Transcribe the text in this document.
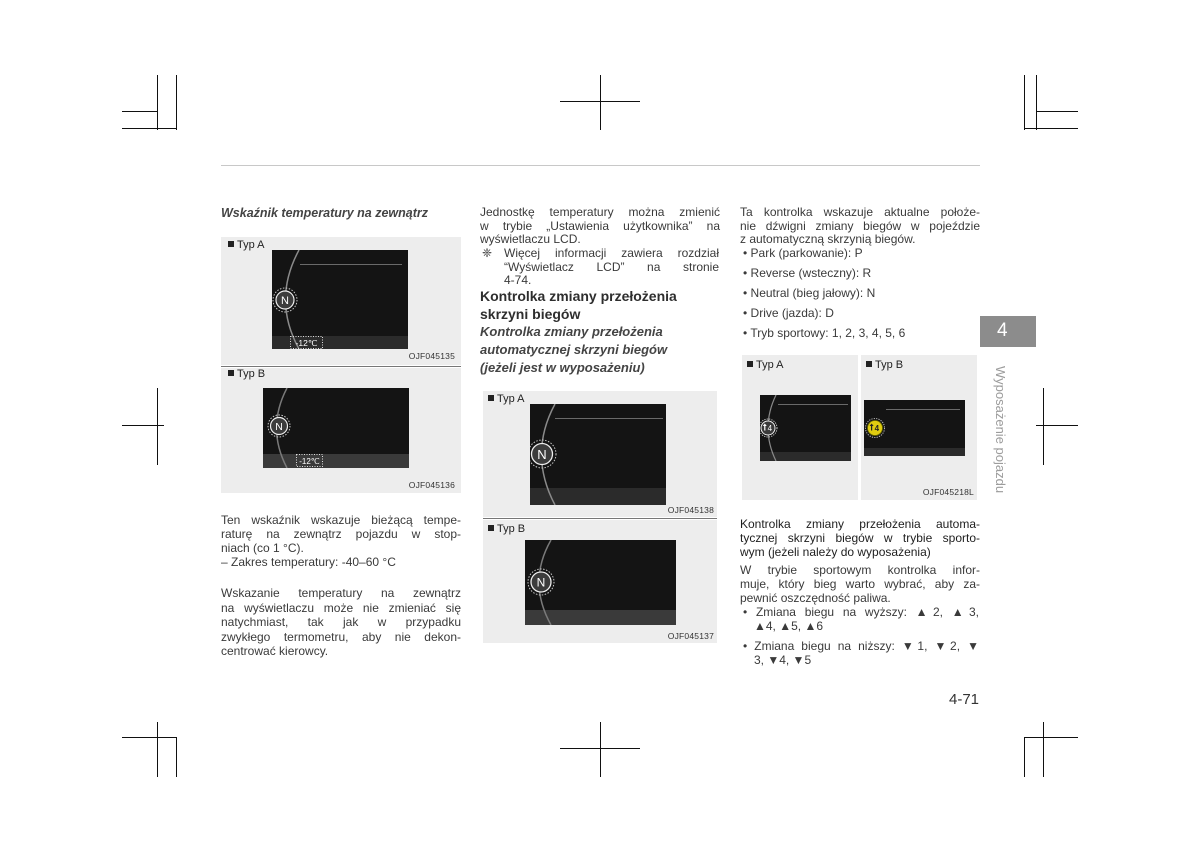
Wskaźnik temperatury na zewnątrz
Typ A
N
-12℃
OJF045135
Typ B
N
-12℃
OJF045136
Ten wskaźnik wskazuje bieżącą tempe-
raturę na zewnątrz pojazdu w stop-
niach (co 1 °C).
– Zakres temperatury: -40–60 °C
Wskazanie temperatury na zewnątrz
na wyświetlaczu może nie zmieniać się
natychmiast, tak jak w przypadku
zwykłego termometru, aby nie dekon-
centrować kierowcy.
Jednostkę temperatury można zmienić
w trybie „Ustawienia użytkownika” na
wyświetlaczu LCD.
❈ Więcej informacji zawiera rozdział
“Wyświetlacz LCD” na stronie
4-74.
Kontrolka zmiany przełożenia
skrzyni biegów
Kontrolka zmiany przełożenia
automatycznej skrzyni biegów
(jeżeli jest w wyposażeniu)
Typ A
N
OJF045138
Typ B
N
OJF045137
Ta kontrolka wskazuje aktualne położe-
nie dźwigni zmiany biegów w pojeździe
z automatyczną skrzynią biegów.
• Park (parkowanie): P
• Reverse (wsteczny): R
• Neutral (bieg jałowy): N
• Drive (jazda): D
• Tryb sportowy: 1, 2, 3, 4, 5, 6
Typ A
4
Typ B
4
OJF045218L
Kontrolka zmiany przełożenia automa-
tycznej skrzyni biegów w trybie sporto-
wym (jeżeli należy do wyposażenia)
W trybie sportowym kontrolka infor-
muje, który bieg warto wybrać, aby za-
pewnić oszczędność paliwa.
• Zmiana biegu na wyższy: ▲2, ▲3,
▲4, ▲5, ▲6
• Zmiana biegu na niższy: ▼1, ▼2, ▼
3, ▼4, ▼5
4
Wyposażenie pojazdu
4-71
